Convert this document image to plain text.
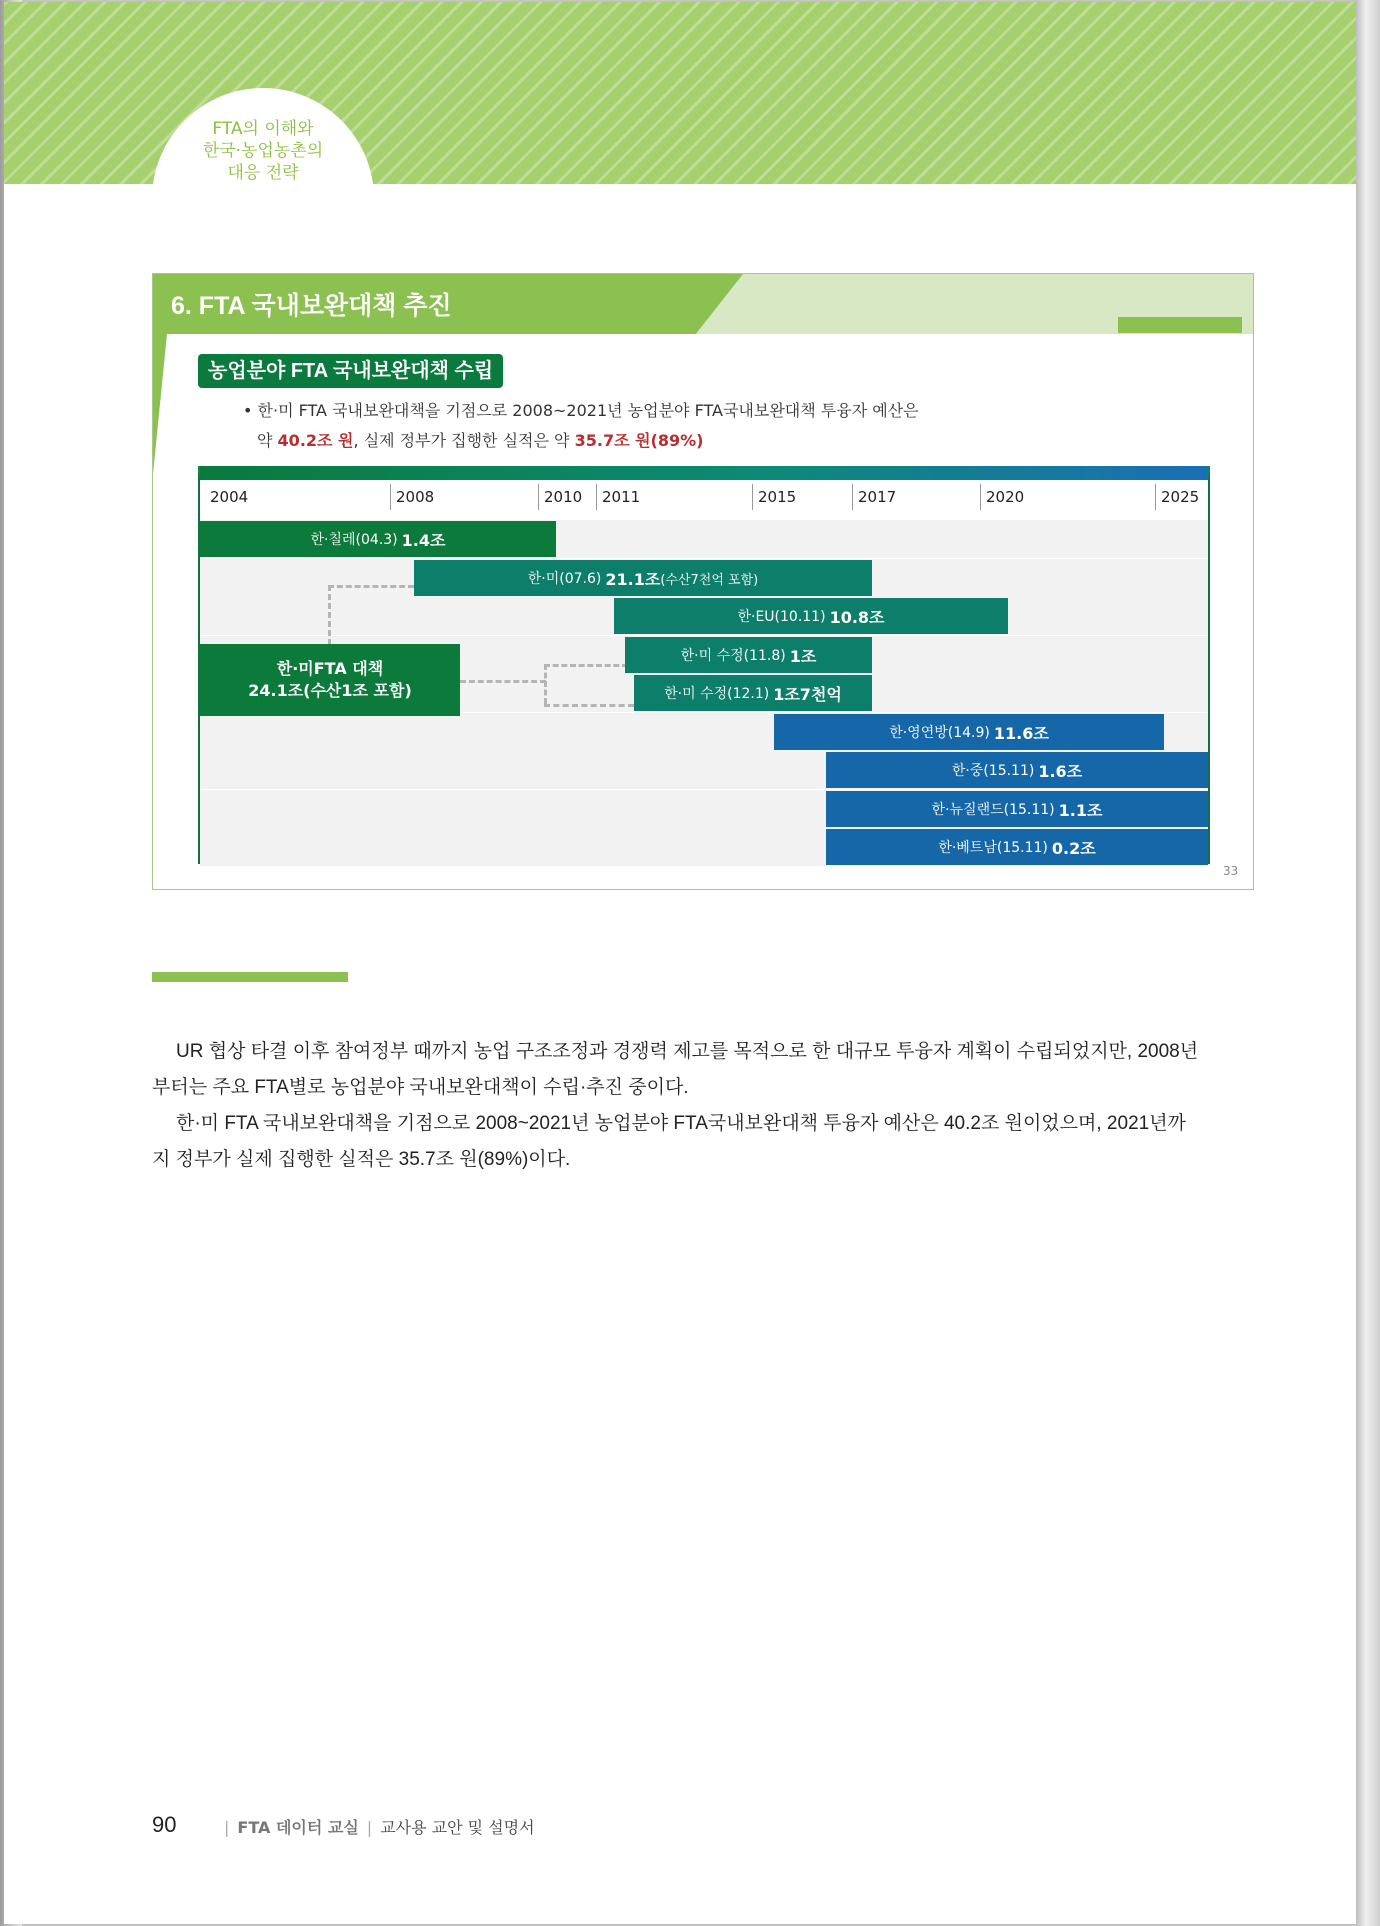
FTA의 이해와
한국·농업농촌의
대응 전략
6. FTA 국내보완대책 추진
농업분야 FTA 국내보완대책 수립
• 한·미 FTA 국내보완대책을 기점으로 2008~2021년 농업분야 FTA국내보완대책 투융자 예산은
약 40.2조 원, 실제 정부가 집행한 실적은 약 35.7조 원(89%)
2004	2008	2010 2011	2015	2017	2020	2025
한·칠레(04.3) 1.4조
한·미(07.6) 21.1조 (수산7천억 포함)
한·EU(10.11) 10.8조
한·미 수정(11.8) 1조
한·미 수정(12.1) 1조7천억
한·영연방(14.9) 11.6조
한·중(15.11) 1.6조
한·뉴질랜드(15.11) 1.1조
한·베트남(15.11) 0.2조
한·미FTA 대책
24.1조(수산1조 포함)
33
UR 협상 타결 이후 참여정부 때까지 농업 구조조정과 경쟁력 제고를 목적으로 한 대규모 투융자 계획이 수립되었지만, 2008년
부터는 주요 FTA별로 농업분야 국내보완대책이 수립·추진 중이다.
한·미 FTA 국내보완대책을 기점으로 2008~2021년 농업분야 FTA국내보완대책 투융자 예산은 40.2조 원이었으며, 2021년까
지 정부가 실제 집행한 실적은 35.7조 원(89%)이다.
90	| FTA 데이터 교실 | 교사용 교안 및 설명서
